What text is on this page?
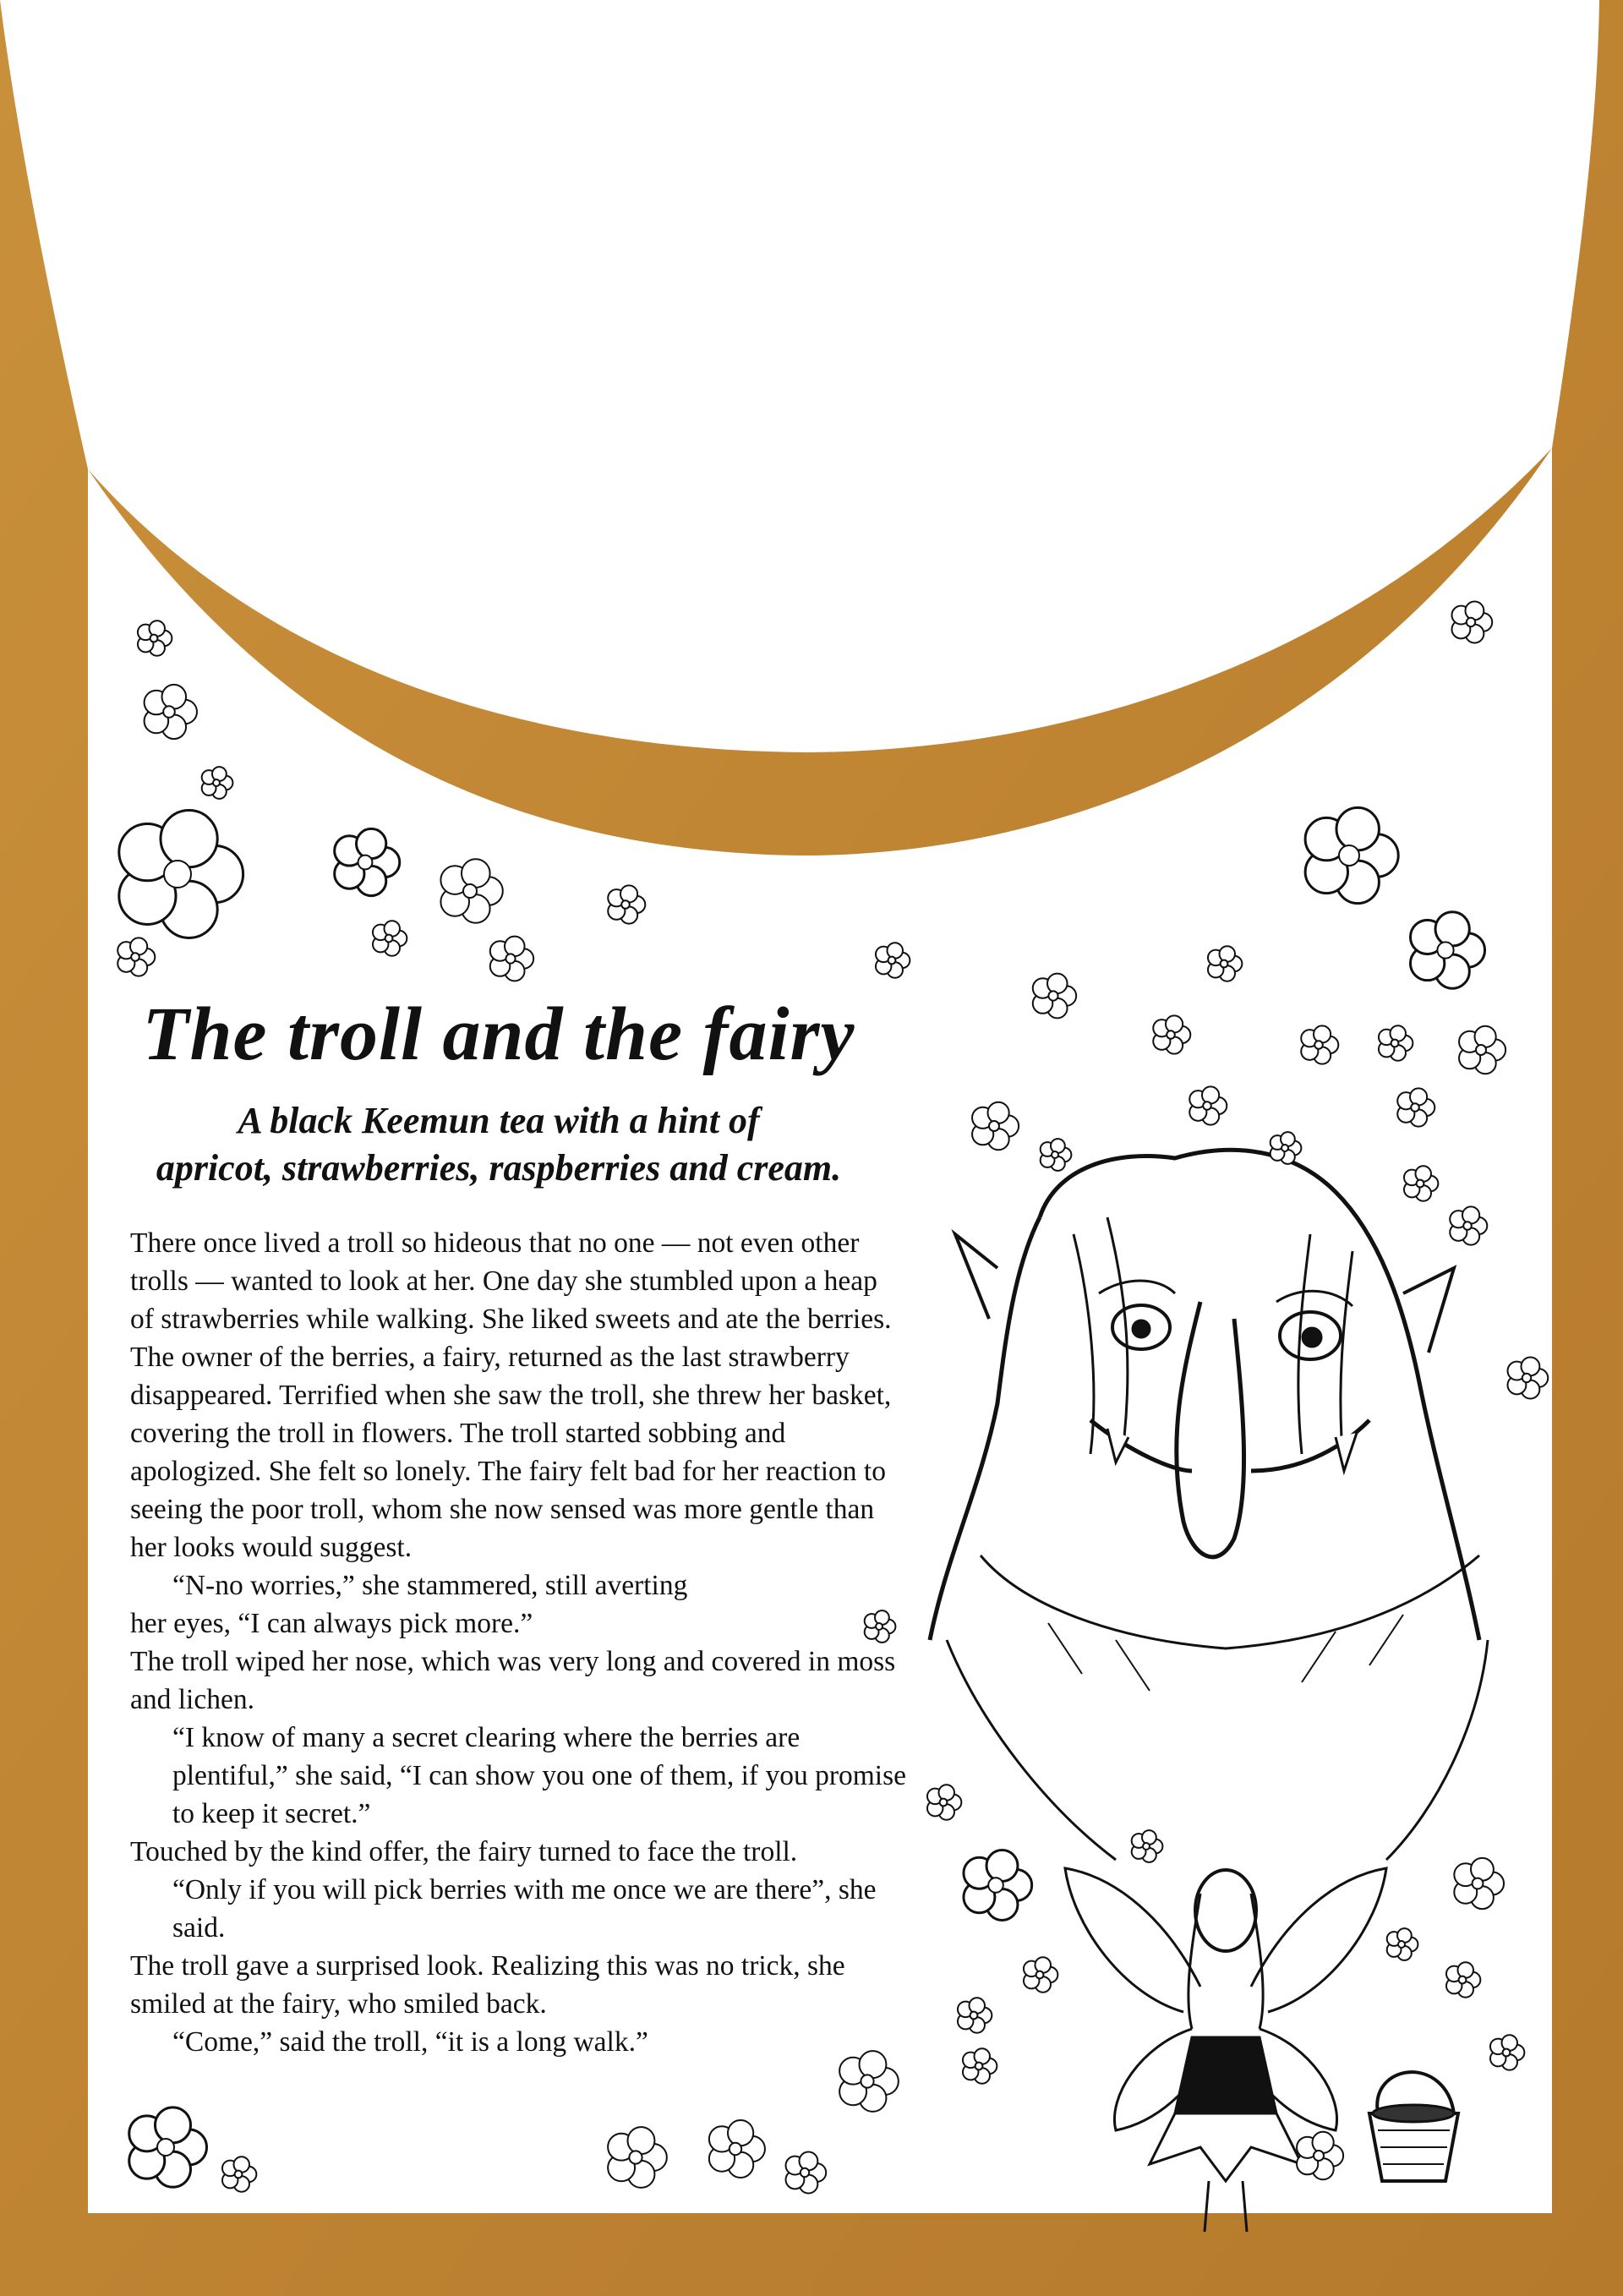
The troll and the fairy
A black Keemun tea with a hint of
apricot, strawberries, raspberries and cream.

There once lived a troll so hideous that no one — not even other trolls — wanted to look at her. One day she stumbled upon a heap of strawberries while walking. She liked sweets and ate the berries. The owner of the berries, a fairy, returned as the last strawberry disappeared. Terrified when she saw the troll, she threw her basket, covering the troll in flowers. The troll started sobbing and apologized. She felt so lonely. The fairy felt bad for her reaction to seeing the poor troll, whom she now sensed was more gentle than her looks would suggest.

“N-no worries,” she stammered, still averting

her eyes, “I can always pick more.”

The troll wiped her nose, which was very long and covered in moss and lichen.

“I know of many a secret clearing where the berries are plentiful,” she said, “I can show you one of them, if you promise to keep it secret.”

Touched by the kind offer, the fairy turned to face the troll.

“Only if you will pick berries with me once we are there”, she said.

The troll gave a surprised look. Realizing this was no trick, she smiled at the fairy, who smiled back.

“Come,” said the troll, “it is a long walk.”
